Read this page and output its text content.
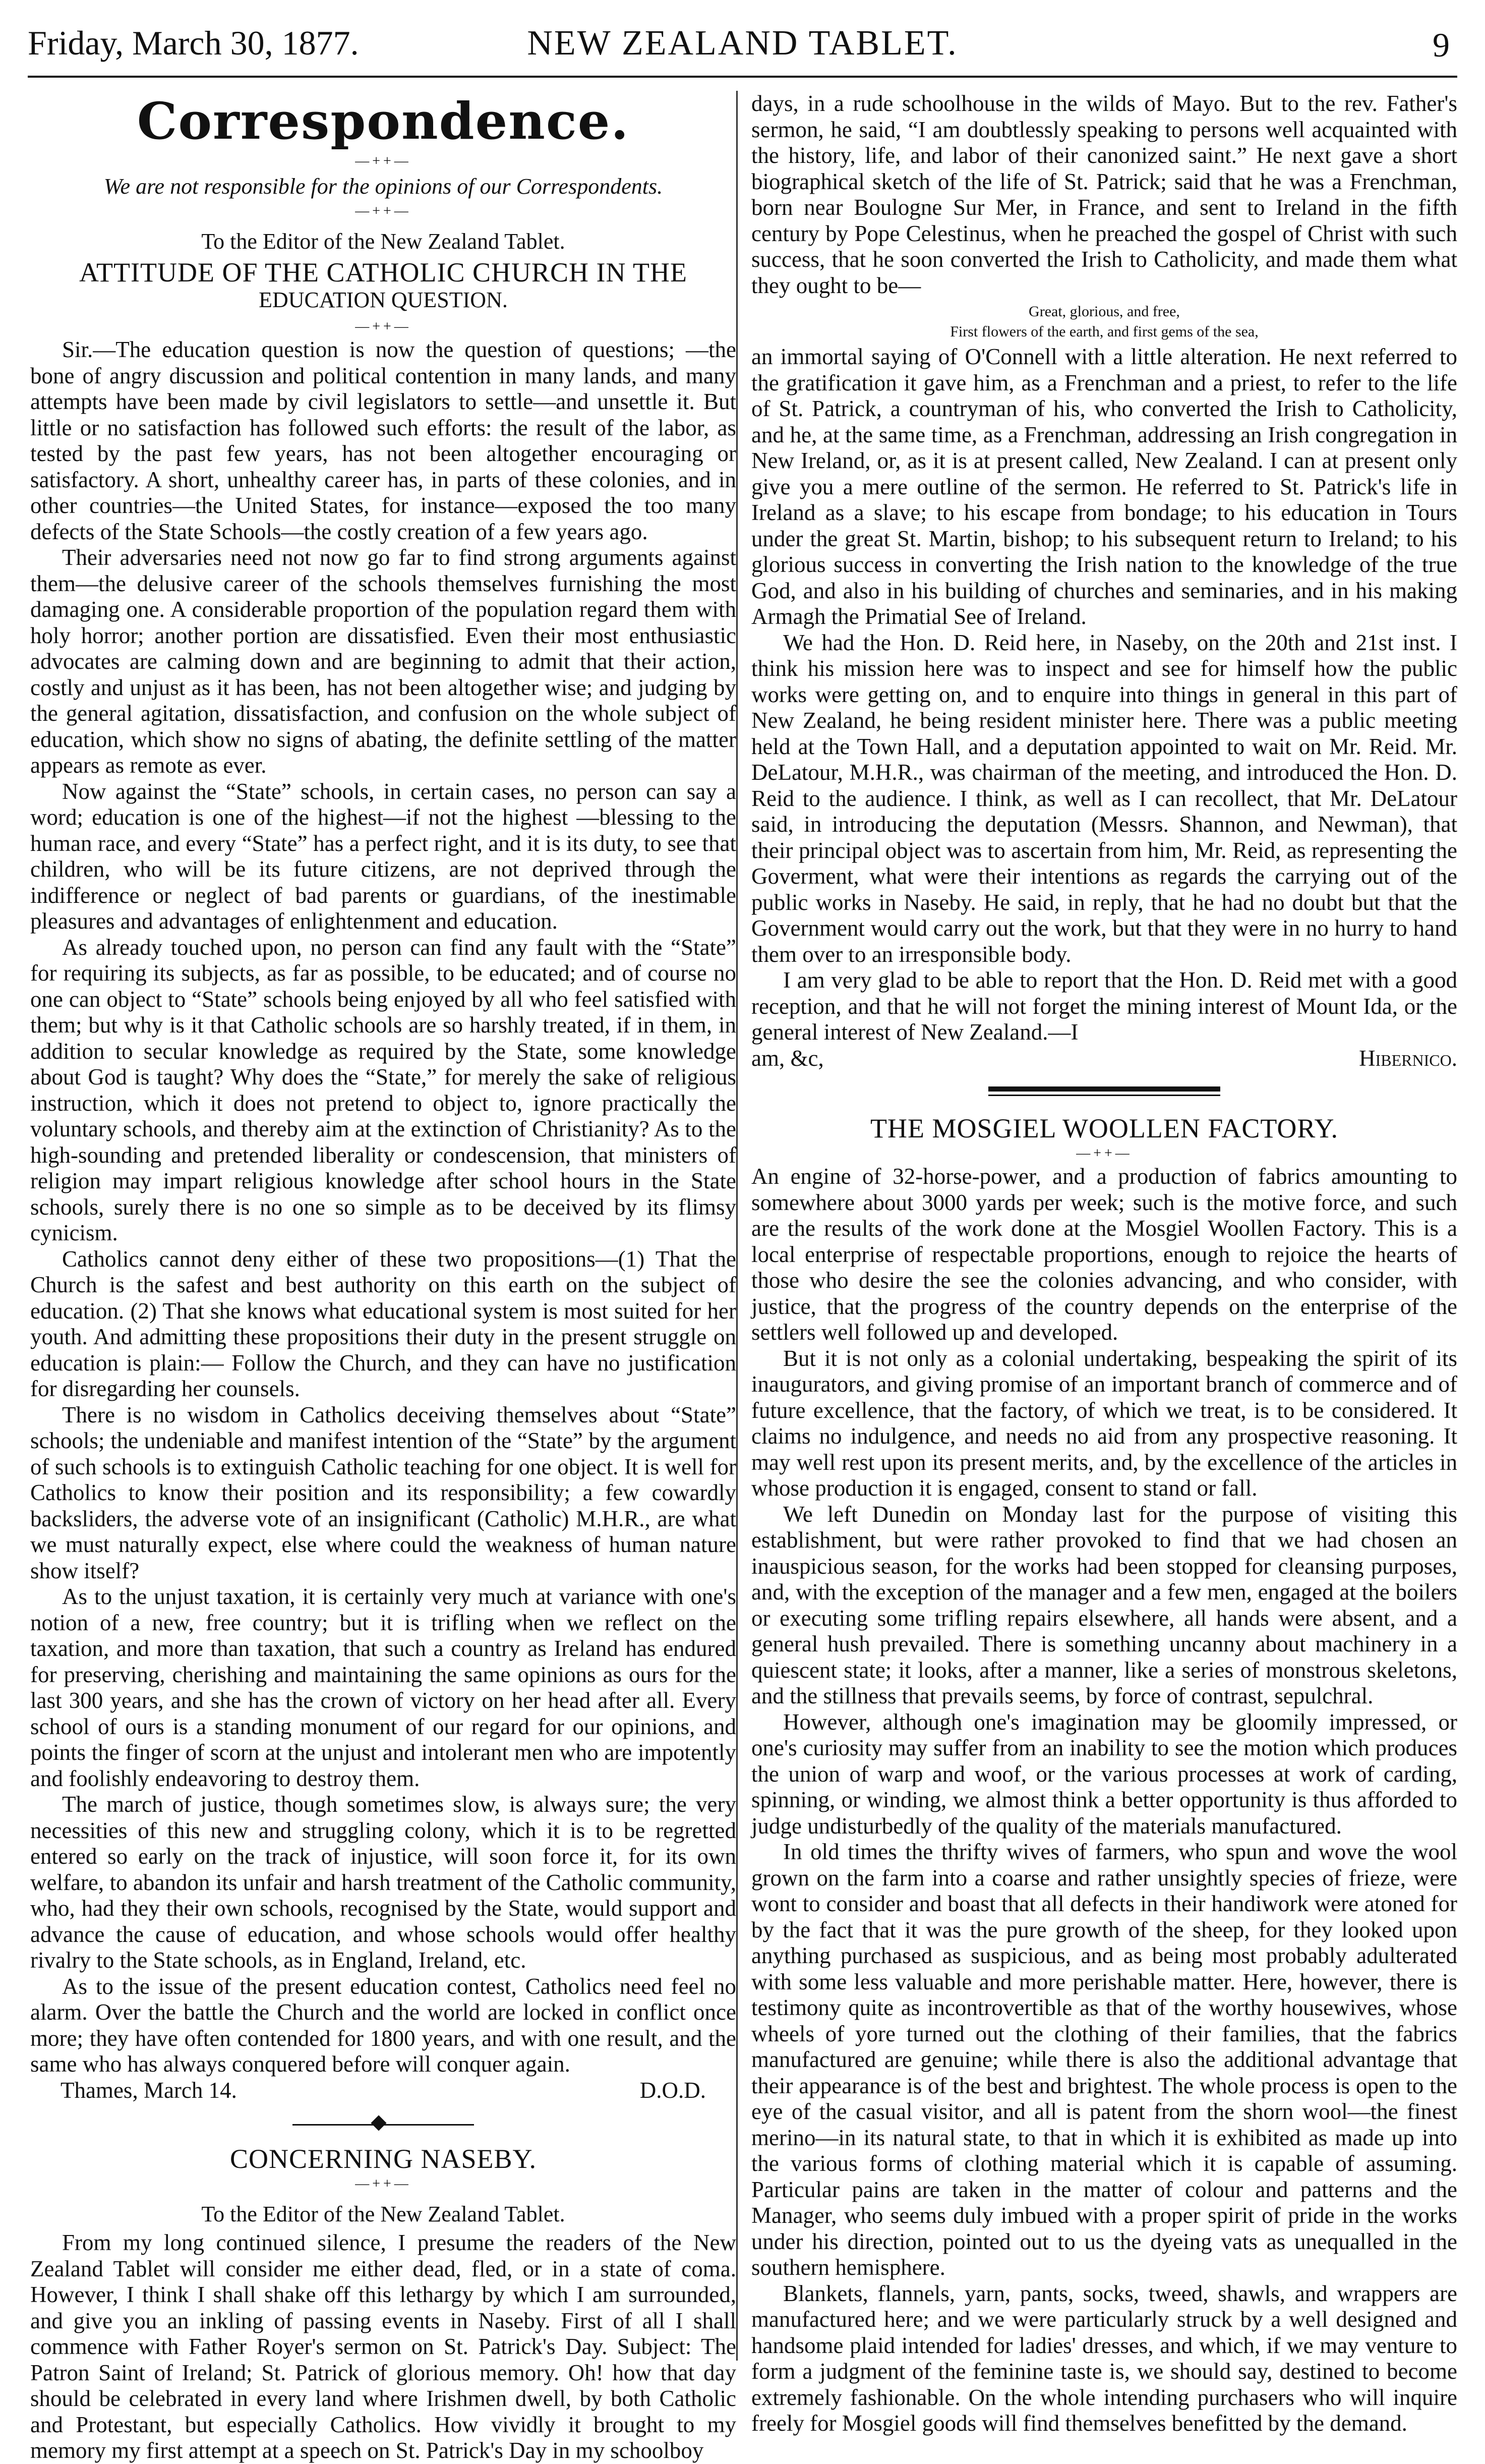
Friday, March 30, 1877.	NEW ZEALAND TABLET.	9
Correspondence.
—++—
We are not responsible for the opinions of our Correspondents.
—++—
To the Editor of the New Zealand Tablet.
ATTITUDE OF THE CATHOLIC CHURCH IN THE
EDUCATION QUESTION.
—++—

Sir.—The education question is now the question of questions; —the bone of angry discussion and political contention in many lands, and many attempts have been made by civil legislators to settle—and unsettle it. But little or no satisfaction has followed such efforts: the result of the labor, as tested by the past few years, has not been altogether encouraging or satisfactory. A short, unhealthy career has, in parts of these colonies, and in other countries—the United States, for instance—exposed the too many defects of the State Schools—the costly creation of a few years ago.

Their adversaries need not now go far to find strong arguments against them—the delusive career of the schools themselves furnishing the most damaging one. A considerable proportion of the population regard them with holy horror; another portion are dissatisfied. Even their most enthusiastic advocates are calming down and are beginning to admit that their action, costly and unjust as it has been, has not been altogether wise; and judging by the general agitation, dissatisfaction, and confusion on the whole subject of education, which show no signs of abating, the definite settling of the matter appears as remote as ever.

Now against the “State” schools, in certain cases, no person can say a word; education is one of the highest—if not the highest —blessing to the human race, and every “State” has a perfect right, and it is its duty, to see that children, who will be its future citizens, are not deprived through the indifference or neglect of bad parents or guardians, of the inestimable pleasures and advantages of enlightenment and education.

As already touched upon, no person can find any fault with the “State” for requiring its subjects, as far as possible, to be educated; and of course no one can object to “State” schools being enjoyed by all who feel satisfied with them; but why is it that Catholic schools are so harshly treated, if in them, in addition to secular knowledge as required by the State, some knowledge about God is taught? Why does the “State,” for merely the sake of religious instruction, which it does not pretend to object to, ignore practically the voluntary schools, and thereby aim at the extinction of Christianity? As to the high-sounding and pretended liberality or condescension, that ministers of religion may impart religious knowledge after school hours in the State schools, surely there is no one so simple as to be deceived by its flimsy cynicism.

Catholics cannot deny either of these two propositions—(1) That the Church is the safest and best authority on this earth on the subject of education. (2) That she knows what educational system is most suited for her youth. And admitting these propositions their duty in the present struggle on education is plain:— Follow the Church, and they can have no justification for disregarding her counsels.

There is no wisdom in Catholics deceiving themselves about “State” schools; the undeniable and manifest intention of the “State” by the argument of such schools is to extinguish Catholic teaching for one object. It is well for Catholics to know their position and its responsibility; a few cowardly backsliders, the adverse vote of an insignificant (Catholic) M.H.R., are what we must naturally expect, else where could the weakness of human nature show itself?

As to the unjust taxation, it is certainly very much at variance with one's notion of a new, free country; but it is trifling when we reflect on the taxation, and more than taxation, that such a country as Ireland has endured for preserving, cherishing and maintaining the same opinions as ours for the last 300 years, and she has the crown of victory on her head after all. Every school of ours is a standing monument of our regard for our opinions, and points the finger of scorn at the unjust and intolerant men who are impotently and foolishly endeavoring to destroy them.

The march of justice, though sometimes slow, is always sure; the very necessities of this new and struggling colony, which it is to be regretted entered so early on the track of injustice, will soon force it, for its own welfare, to abandon its unfair and harsh treatment of the Catholic community, who, had they their own schools, recognised by the State, would support and advance the cause of education, and whose schools would offer healthy rivalry to the State schools, as in England, Ireland, etc.

As to the issue of the present education contest, Catholics need feel no alarm. Over the battle the Church and the world are locked in conflict once more; they have often contended for 1800 years, and with one result, and the same who has always conquered before will conquer again.

Thames, March 14.	D.O.D.
CONCERNING NASEBY.
—++—
To the Editor of the New Zealand Tablet.

From my long continued silence, I presume the readers of the New Zealand Tablet will consider me either dead, fled, or in a state of coma. However, I think I shall shake off this lethargy by which I am surrounded, and give you an inkling of passing events in Naseby. First of all I shall commence with Father Royer's sermon on St. Patrick's Day. Subject: The Patron Saint of Ireland; St. Patrick of glorious memory. Oh! how that day should be celebrated in every land where Irishmen dwell, by both Catholic and Protestant, but especially Catholics. How vividly it brought to my memory my first attempt at a speech on St. Patrick's Day in my schoolboy

days, in a rude schoolhouse in the wilds of Mayo. But to the rev. Father's sermon, he said, “I am doubtlessly speaking to persons well acquainted with the history, life, and labor of their canonized saint.” He next gave a short biographical sketch of the life of St. Patrick; said that he was a Frenchman, born near Boulogne Sur Mer, in France, and sent to Ireland in the fifth century by Pope Celestinus, when he preached the gospel of Christ with such success, that he soon converted the Irish to Catholicity, and made them what they ought to be—

Great, glorious, and free,
First flowers of the earth, and first gems of the sea,

an immortal saying of O'Connell with a little alteration. He next referred to the gratification it gave him, as a Frenchman and a priest, to refer to the life of St. Patrick, a countryman of his, who converted the Irish to Catholicity, and he, at the same time, as a Frenchman, addressing an Irish congregation in New Ireland, or, as it is at present called, New Zealand. I can at present only give you a mere outline of the sermon. He referred to St. Patrick's life in Ireland as a slave; to his escape from bondage; to his education in Tours under the great St. Martin, bishop; to his subsequent return to Ireland; to his glorious success in converting the Irish nation to the knowledge of the true God, and also in his building of churches and seminaries, and in his making Armagh the Primatial See of Ireland.

We had the Hon. D. Reid here, in Naseby, on the 20th and 21st inst. I think his mission here was to inspect and see for himself how the public works were getting on, and to enquire into things in general in this part of New Zealand, he being resident minister here. There was a public meeting held at the Town Hall, and a deputation appointed to wait on Mr. Reid. Mr. DeLatour, M.H.R., was chairman of the meeting, and introduced the Hon. D. Reid to the audience. I think, as well as I can recollect, that Mr. DeLatour said, in introducing the deputation (Messrs. Shannon, and Newman), that their principal object was to ascertain from him, Mr. Reid, as representing the Goverment, what were their intentions as regards the carrying out of the public works in Naseby. He said, in reply, that he had no doubt but that the Government would carry out the work, but that they were in no hurry to hand them over to an irresponsible body.

I am very glad to be able to report that the Hon. D. Reid met with a good reception, and that he will not forget the mining interest of Mount Ida, or the general interest of New Zealand.—I

am, &c,	Hibernico.
THE MOSGIEL WOOLLEN FACTORY.
—++—

An engine of 32-horse-power, and a production of fabrics amounting to somewhere about 3000 yards per week; such is the motive force, and such are the results of the work done at the Mosgiel Woollen Factory. This is a local enterprise of respectable proportions, enough to rejoice the hearts of those who desire the see the colonies advancing, and who consider, with justice, that the progress of the country depends on the enterprise of the settlers well followed up and developed.

But it is not only as a colonial undertaking, bespeaking the spirit of its inaugurators, and giving promise of an important branch of commerce and of future excellence, that the factory, of which we treat, is to be considered. It claims no indulgence, and needs no aid from any prospective reasoning. It may well rest upon its present merits, and, by the excellence of the articles in whose production it is engaged, consent to stand or fall.

We left Dunedin on Monday last for the purpose of visiting this establishment, but were rather provoked to find that we had chosen an inauspicious season, for the works had been stopped for cleansing purposes, and, with the exception of the manager and a few men, engaged at the boilers or executing some trifling repairs elsewhere, all hands were absent, and a general hush prevailed. There is something uncanny about machinery in a quiescent state; it looks, after a manner, like a series of monstrous skeletons, and the stillness that prevails seems, by force of contrast, sepulchral.

However, although one's imagination may be gloomily impressed, or one's curiosity may suffer from an inability to see the motion which produces the union of warp and woof, or the various processes at work of carding, spinning, or winding, we almost think a better opportunity is thus afforded to judge undisturbedly of the quality of the materials manufactured.

In old times the thrifty wives of farmers, who spun and wove the wool grown on the farm into a coarse and rather unsightly species of frieze, were wont to consider and boast that all defects in their handiwork were atoned for by the fact that it was the pure growth of the sheep, for they looked upon anything purchased as suspicious, and as being most probably adulterated with some less valuable and more perishable matter. Here, however, there is testimony quite as incontrovertible as that of the worthy housewives, whose wheels of yore turned out the clothing of their families, that the fabrics manufactured are genuine; while there is also the additional advantage that their appearance is of the best and brightest. The whole process is open to the eye of the casual visitor, and all is patent from the shorn wool—the finest merino—in its natural state, to that in which it is exhibited as made up into the various forms of clothing material which it is capable of assuming. Particular pains are taken in the matter of colour and patterns and the Manager, who seems duly imbued with a proper spirit of pride in the works under his direction, pointed out to us the dyeing vats as unequalled in the southern hemisphere.

Blankets, flannels, yarn, pants, socks, tweed, shawls, and wrappers are manufactured here; and we were particularly struck by a well designed and handsome plaid intended for ladies' dresses, and which, if we may venture to form a judgment of the feminine taste is, we should say, destined to become extremely fashionable. On the whole intending purchasers who will inquire freely for Mosgiel goods will find themselves benefitted by the demand.
